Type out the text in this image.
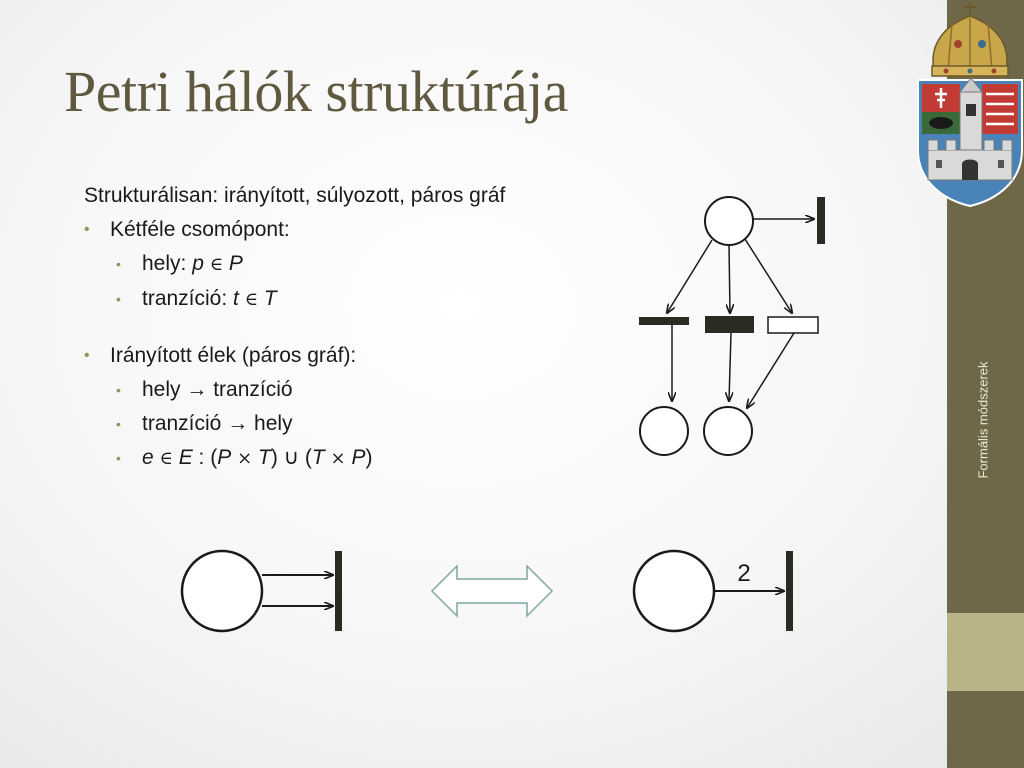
Petri hálók struktúrája

Strukturálisan: irányított, súlyozott, páros gráf

• Kétféle csomópont:
• hely: p ∈ P
• tranzíció: t ∈ T
• Irányított élek (páros gráf):
• hely → tranzíció
• tranzíció → hely
• e ∈ E : (P × T) ∪ (T × P)
2
Formális módszerek
